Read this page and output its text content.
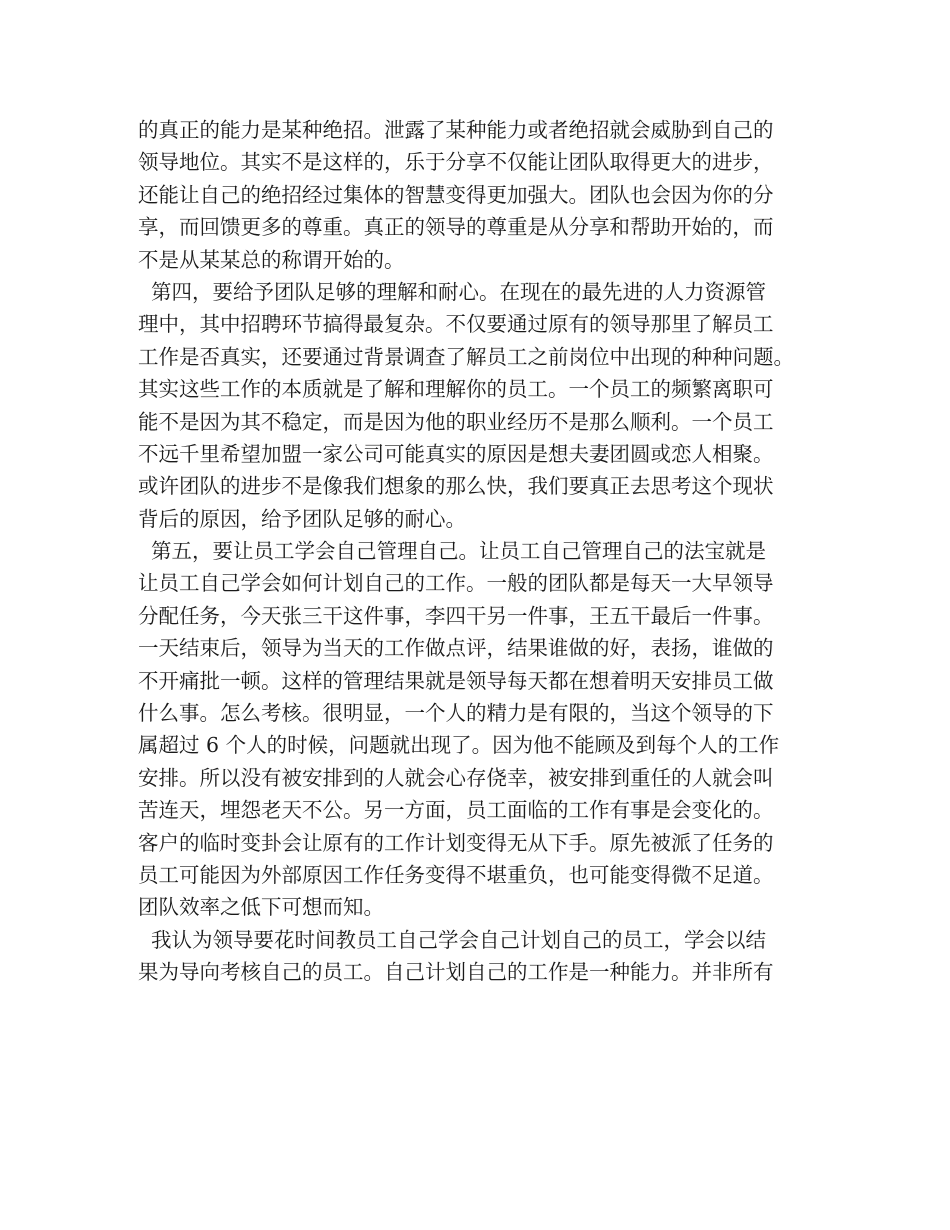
的真正的能力是某种绝招。泄露了某种能力或者绝招就会威胁到自己的
领导地位。其实不是这样的，乐于分享不仅能让团队取得更大的进步，
还能让自己的绝招经过集体的智慧变得更加强大。团队也会因为你的分
享，而回馈更多的尊重。真正的领导的尊重是从分享和帮助开始的，而
不是从某某总的称谓开始的。
第四，要给予团队足够的理解和耐心。在现在的最先进的人力资源管
理中，其中招聘环节搞得最复杂。不仅要通过原有的领导那里了解员工
工作是否真实，还要通过背景调查了解员工之前岗位中出现的种种问题。
其实这些工作的本质就是了解和理解你的员工。一个员工的频繁离职可
能不是因为其不稳定，而是因为他的职业经历不是那么顺利。一个员工
不远千里希望加盟一家公司可能真实的原因是想夫妻团圆或恋人相聚。
或许团队的进步不是像我们想象的那么快，我们要真正去思考这个现状
背后的原因，给予团队足够的耐心。
第五，要让员工学会自己管理自己。让员工自己管理自己的法宝就是
让员工自己学会如何计划自己的工作。一般的团队都是每天一大早领导
分配任务，今天张三干这件事，李四干另一件事，王五干最后一件事。
一天结束后，领导为当天的工作做点评，结果谁做的好，表扬，谁做的
不开痛批一顿。这样的管理结果就是领导每天都在想着明天安排员工做
什么事。怎么考核。很明显，一个人的精力是有限的，当这个领导的下
属超过 6 个人的时候，问题就出现了。因为他不能顾及到每个人的工作
安排。所以没有被安排到的人就会心存侥幸，被安排到重任的人就会叫
苦连天，埋怨老天不公。另一方面，员工面临的工作有事是会变化的。
客户的临时变卦会让原有的工作计划变得无从下手。原先被派了任务的
员工可能因为外部原因工作任务变得不堪重负，也可能变得微不足道。
团队效率之低下可想而知。
我认为领导要花时间教员工自己学会自己计划自己的员工，学会以结
果为导向考核自己的员工。自己计划自己的工作是一种能力。并非所有
